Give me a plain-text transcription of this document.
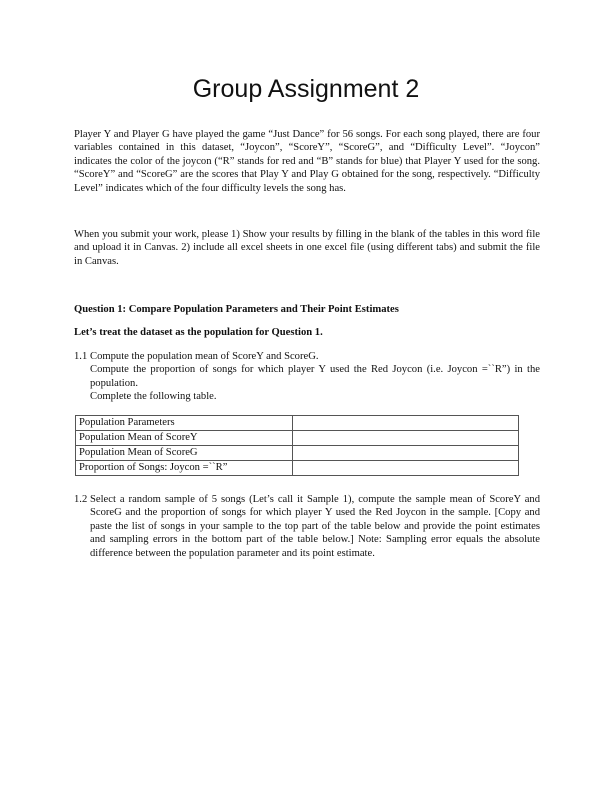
Group Assignment 2

Player Y and Player G have played the game “Just Dance” for 56 songs. For each song played, there are four variables contained in this dataset, “Joycon”, “ScoreY”, “ScoreG”, and “Difficulty Level”. “Joycon” indicates the color of the joycon (“R” stands for red and “B” stands for blue) that Player Y used for the song. “ScoreY” and “ScoreG” are the scores that Play Y and Play G obtained for the song, respectively. “Difficulty Level” indicates which of the four difficulty levels the song has.

When you submit your work, please 1) Show your results by filling in the blank of the tables in this word file and upload it in Canvas. 2) include all excel sheets in one excel file (using different tabs) and submit the file in Canvas.

Question 1: Compare Population Parameters and Their Point Estimates

Let’s treat the dataset as the population for Question 1.

1.1 Compute the population mean of ScoreY and ScoreG.

Compute the proportion of songs for which player Y used the Red Joycon (i.e. Joycon =``R”) in the population.

Complete the following table.

Population Parameters	
Population Mean of ScoreY	
Population Mean of ScoreG	
Proportion of Songs: Joycon =``R”	
1.2 Select a random sample of 5 songs (Let’s call it Sample 1), compute the sample mean of ScoreY and ScoreG and the proportion of songs for which player Y used the Red Joycon in the sample. [Copy and paste the list of songs in your sample to the top part of the table below and provide the point estimates and sampling errors in the bottom part of the table below.] Note: Sampling error equals the absolute difference between the population parameter and its point estimate.
